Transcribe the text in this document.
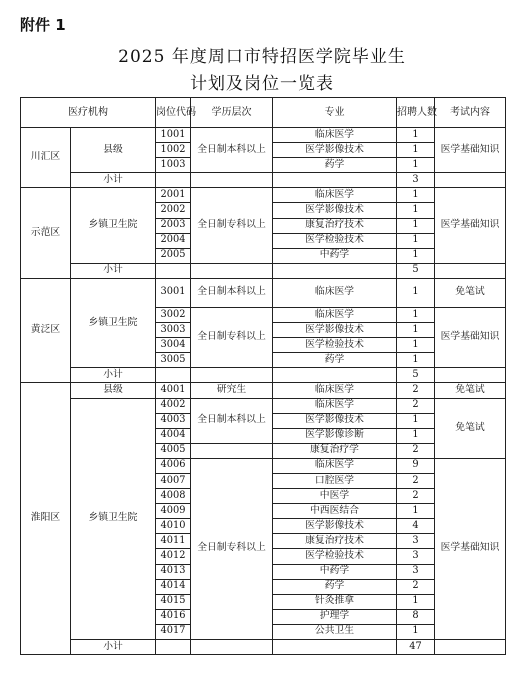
附件 1
2025 年度周口市特招医学院毕业生
计划及岗位一览表
医疗机构		岗位代码	学历层次	专业	招聘人数	考试内容
川汇区	县级	1001	全日制本科以上	临床医学	1	医学基础知识
		1002		医学影像技术	1	
		1003		药学	1	
	小计				3	
示范区	乡镇卫生院	2001	全日制专科以上	临床医学	1	医学基础知识
		2002		医学影像技术	1	
		2003		康复治疗技术	1	
		2004		医学检验技术	1	
		2005		中药学	1	
	小计				5	
黄泛区	乡镇卫生院	3001	全日制本科以上	临床医学	1	免笔试
		3002	全日制专科以上	临床医学	1	医学基础知识
		3003		医学影像技术	1	
		3004		医学检验技术	1	
		3005		药学	1	
	小计				5	
淮阳区	县级	4001	研究生	临床医学	2	免笔试
	乡镇卫生院	4002	全日制本科以上	临床医学	2	免笔试
		4003		医学影像技术	1	
		4004		医学影像诊断	1	
		4005		康复治疗学	2	
		4006	全日制专科以上	临床医学	9	医学基础知识
		4007		口腔医学	2	
		4008		中医学	2	
		4009		中西医结合	1	
		4010		医学影像技术	4	
		4011		康复治疗技术	3	
		4012		医学检验技术	3	
		4013		中药学	3	
		4014		药学	2	
		4015		针灸推拿	1	
		4016		护理学	8	
		4017		公共卫生	1	
	小计				47	
